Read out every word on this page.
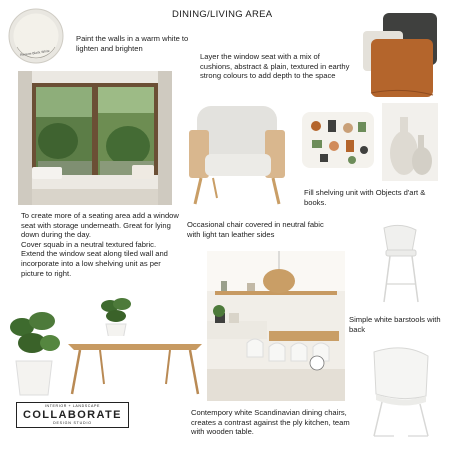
DINING/LIVING AREA
Resene Black White
Paint the walls in a warm white to lighten and brighten
Layer the window seat with a mix of cushions, abstract & plain, textured in earthy strong colours to add depth to the space
Fill shelving unit with Objects d'art & books.
To create more of a seating area add a window seat with storage underneath. Great for lying down during the day.
Cover squab in a neutral textured fabric. Extend the window seat along tiled wall and incorporate into a low shelving unit as per picture to right.
Occasional chair covered in neutral fabic with light tan leather sides
Simple white barstools with back
Contempory white Scandinavian dining chairs, creates a contrast against the ply kitchen, team with wooden table.
INTERIOR + LANDSCAPE
COLLABORATE
DESIGN STUDIO
